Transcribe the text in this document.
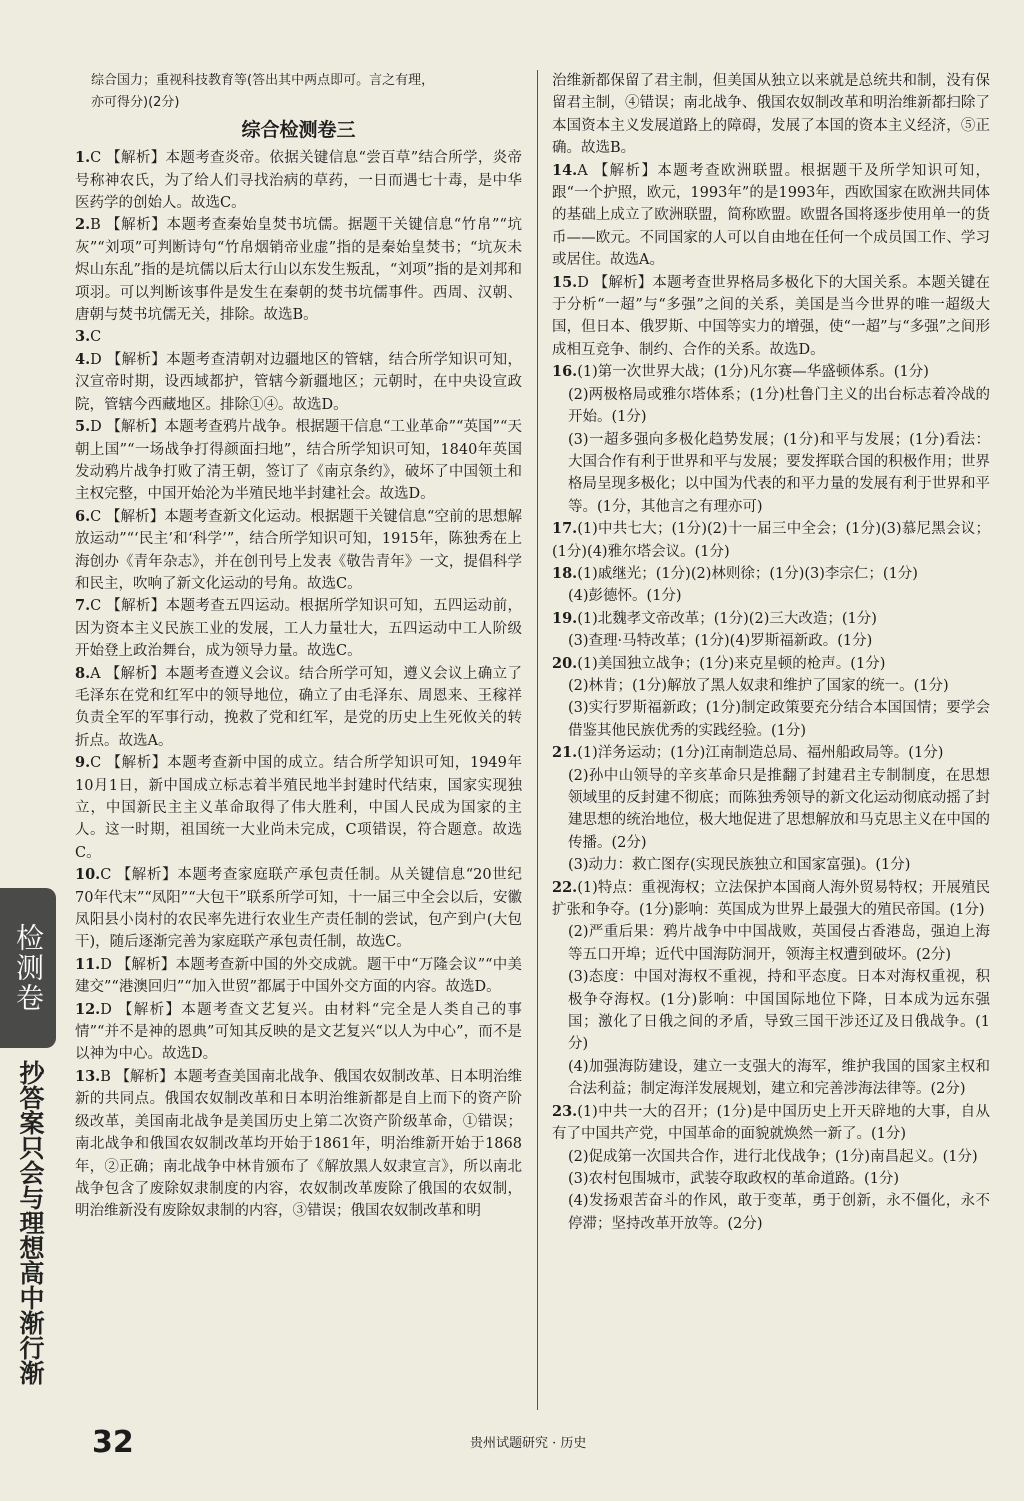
综合国力；重视科技教育等(答出其中两点即可。言之有理，
亦可得分)(2分)
综合检测卷三
1.C 【解析】本题考查炎帝。依据关键信息“尝百草”结合所学，炎帝号称神农氏，为了给人们寻找治病的草药，一日而遇七十毒，是中华医药学的创始人。故选C。
2.B 【解析】本题考查秦始皇焚书坑儒。据题干关键信息“竹帛”“坑灰”“刘项”可判断诗句“竹帛烟销帝业虚”指的是秦始皇焚书；“坑灰未烬山东乱”指的是坑儒以后太行山以东发生叛乱，“刘项”指的是刘邦和项羽。可以判断该事件是发生在秦朝的焚书坑儒事件。西周、汉朝、唐朝与焚书坑儒无关，排除。故选B。
3.C
4.D 【解析】本题考查清朝对边疆地区的管辖，结合所学知识可知，汉宣帝时期，设西域都护，管辖今新疆地区；元朝时，在中央设宣政院，管辖今西藏地区。排除①④。故选D。
5.D 【解析】本题考查鸦片战争。根据题干信息“工业革命”“英国”“天朝上国”“一场战争打得颜面扫地”，结合所学知识可知，1840年英国发动鸦片战争打败了清王朝，签订了《南京条约》，破坏了中国领土和主权完整，中国开始沦为半殖民地半封建社会。故选D。
6.C 【解析】本题考查新文化运动。根据题干关键信息“空前的思想解放运动”“‘民主’和‘科学’”，结合所学知识可知，1915年，陈独秀在上海创办《青年杂志》，并在创刊号上发表《敬告青年》一文，提倡科学和民主，吹响了新文化运动的号角。故选C。
7.C 【解析】本题考查五四运动。根据所学知识可知，五四运动前，因为资本主义民族工业的发展，工人力量壮大，五四运动中工人阶级开始登上政治舞台，成为领导力量。故选C。
8.A 【解析】本题考查遵义会议。结合所学可知，遵义会议上确立了毛泽东在党和红军中的领导地位，确立了由毛泽东、周恩来、王稼祥负责全军的军事行动，挽救了党和红军，是党的历史上生死攸关的转折点。故选A。
9.C 【解析】本题考查新中国的成立。结合所学知识可知，1949年10月1日，新中国成立标志着半殖民地半封建时代结束，国家实现独立，中国新民主主义革命取得了伟大胜利，中国人民成为国家的主人。这一时期，祖国统一大业尚未完成，C项错误，符合题意。故选C。
10.C 【解析】本题考查家庭联产承包责任制。从关键信息“20世纪70年代末”“凤阳”“大包干”联系所学可知，十一届三中全会以后，安徽凤阳县小岗村的农民率先进行农业生产责任制的尝试，包产到户(大包干)，随后逐渐完善为家庭联产承包责任制，故选C。
11.D 【解析】本题考查新中国的外交成就。题干中“万隆会议”“中美建交”“港澳回归”“加入世贸”都属于中国外交方面的内容。故选D。
12.D 【解析】本题考查文艺复兴。由材料“完全是人类自己的事情”“并不是神的恩典”可知其反映的是文艺复兴“以人为中心”，而不是以神为中心。故选D。
13.B 【解析】本题考查美国南北战争、俄国农奴制改革、日本明治维新的共同点。俄国农奴制改革和日本明治维新都是自上而下的资产阶级改革，美国南北战争是美国历史上第二次资产阶级革命，①错误；南北战争和俄国农奴制改革均开始于1861年，明治维新开始于1868年，②正确；南北战争中林肯颁布了《解放黑人奴隶宣言》，所以南北战争包含了废除奴隶制度的内容，农奴制改革废除了俄国的农奴制，明治维新没有废除奴隶制的内容，③错误；俄国农奴制改革和明
治维新都保留了君主制，但美国从独立以来就是总统共和制，没有保留君主制，④错误；南北战争、俄国农奴制改革和明治维新都扫除了本国资本主义发展道路上的障碍，发展了本国的资本主义经济，⑤正确。故选B。
14.A 【解析】本题考查欧洲联盟。根据题干及所学知识可知，跟“一个护照，欧元，1993年”的是1993年，西欧国家在欧洲共同体的基础上成立了欧洲联盟，简称欧盟。欧盟各国将逐步使用单一的货币——欧元。不同国家的人可以自由地在任何一个成员国工作、学习或居住。故选A。
15.D 【解析】本题考查世界格局多极化下的大国关系。本题关键在于分析“一超”与“多强”之间的关系，美国是当今世界的唯一超级大国，但日本、俄罗斯、中国等实力的增强，使“一超”与“多强”之间形成相互竞争、制约、合作的关系。故选D。
16.(1)第一次世界大战；(1分)凡尔赛—华盛顿体系。(1分)
(2)两极格局或雅尔塔体系；(1分)杜鲁门主义的出台标志着冷战的开始。(1分)
(3)一超多强向多极化趋势发展；(1分)和平与发展；(1分)看法：大国合作有利于世界和平与发展；要发挥联合国的积极作用；世界格局呈现多极化；以中国为代表的和平力量的发展有利于世界和平等。(1分，其他言之有理亦可)
17.(1)中共七大；(1分)(2)十一届三中全会；(1分)(3)慕尼黑会议；(1分)(4)雅尔塔会议。(1分)
18.(1)戚继光；(1分)(2)林则徐；(1分)(3)李宗仁；(1分)
(4)彭德怀。(1分)
19.(1)北魏孝文帝改革；(1分)(2)三大改造；(1分)
(3)查理·马特改革；(1分)(4)罗斯福新政。(1分)
20.(1)美国独立战争；(1分)来克星顿的枪声。(1分)
(2)林肯；(1分)解放了黑人奴隶和维护了国家的统一。(1分)
(3)实行罗斯福新政；(1分)制定政策要充分结合本国国情；要学会借鉴其他民族优秀的实践经验。(1分)
21.(1)洋务运动；(1分)江南制造总局、福州船政局等。(1分)
(2)孙中山领导的辛亥革命只是推翻了封建君主专制制度，在思想领域里的反封建不彻底；而陈独秀领导的新文化运动彻底动摇了封建思想的统治地位，极大地促进了思想解放和马克思主义在中国的传播。(2分)
(3)动力：救亡图存(实现民族独立和国家富强)。(1分)
22.(1)特点：重视海权；立法保护本国商人海外贸易特权；开展殖民扩张和争夺。(1分)影响：英国成为世界上最强大的殖民帝国。(1分)
(2)严重后果：鸦片战争中中国战败，英国侵占香港岛，强迫上海等五口开埠；近代中国海防洞开，领海主权遭到破坏。(2分)
(3)态度：中国对海权不重视，持和平态度。日本对海权重视，积极争夺海权。(1分)影响：中国国际地位下降，日本成为远东强国；激化了日俄之间的矛盾，导致三国干涉还辽及日俄战争。(1分)
(4)加强海防建设，建立一支强大的海军，维护我国的国家主权和合法利益；制定海洋发展规划，建立和完善涉海法律等。(2分)
23.(1)中共一大的召开；(1分)是中国历史上开天辟地的大事，自从有了中国共产党，中国革命的面貌就焕然一新了。(1分)
(2)促成第一次国共合作，进行北伐战争；(1分)南昌起义。(1分)
(3)农村包围城市，武装夺取政权的革命道路。(1分)
(4)发扬艰苦奋斗的作风，敢于变革，勇于创新，永不僵化，永不停滞；坚持改革开放等。(2分)
检测卷
抄答案只会与理想高中渐行渐
32	贵州试题研究 · 历史
